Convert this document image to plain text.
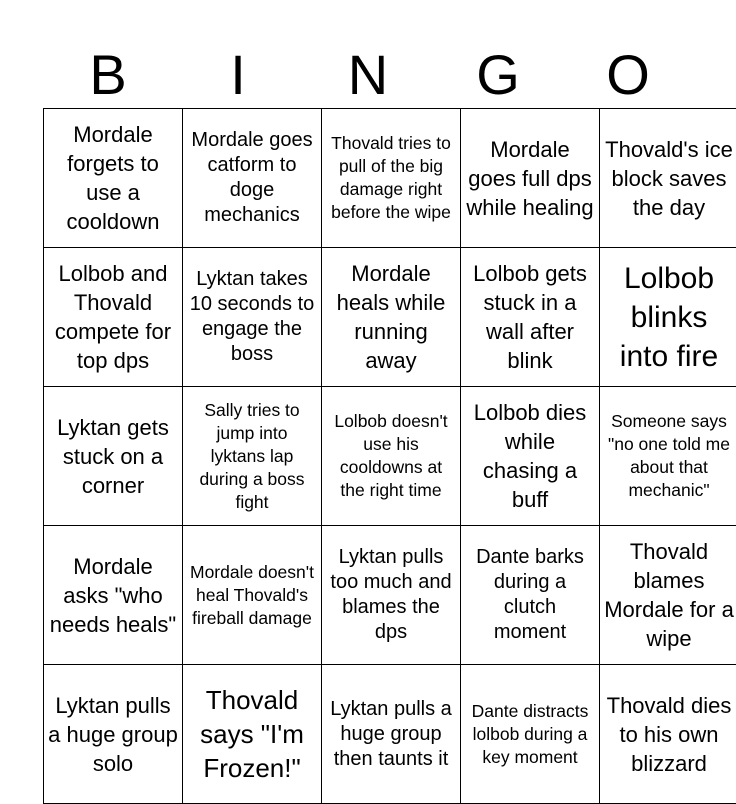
B	I	N	G	O
Mordale forgets to use a cooldown	Mordale goes catform to doge mechanics	Thovald tries to pull of the big damage right before the wipe	Mordale goes full dps while healing	Thovald's ice block saves the day

Lolbob and Thovald compete for top dps	Lyktan takes 10 seconds to engage the boss	Mordale heals while running away	Lolbob gets stuck in a wall after blink	Lolbob blinks into fire

Lyktan gets stuck on a corner	Sally tries to jump into lyktans lap during a boss fight	Lolbob doesn't use his cooldowns at the right time	Lolbob dies while chasing a buff	Someone says "no one told me about that mechanic"

Mordale asks "who needs heals"	Mordale doesn't heal Thovald's fireball damage	Lyktan pulls too much and blames the dps	Dante barks during a clutch moment	Thovald blames Mordale for a wipe

Lyktan pulls a huge group solo	Thovald says "I'm Frozen!"	Lyktan pulls a huge group then taunts it	Dante distracts lolbob during a key moment	Thovald dies to his own blizzard
